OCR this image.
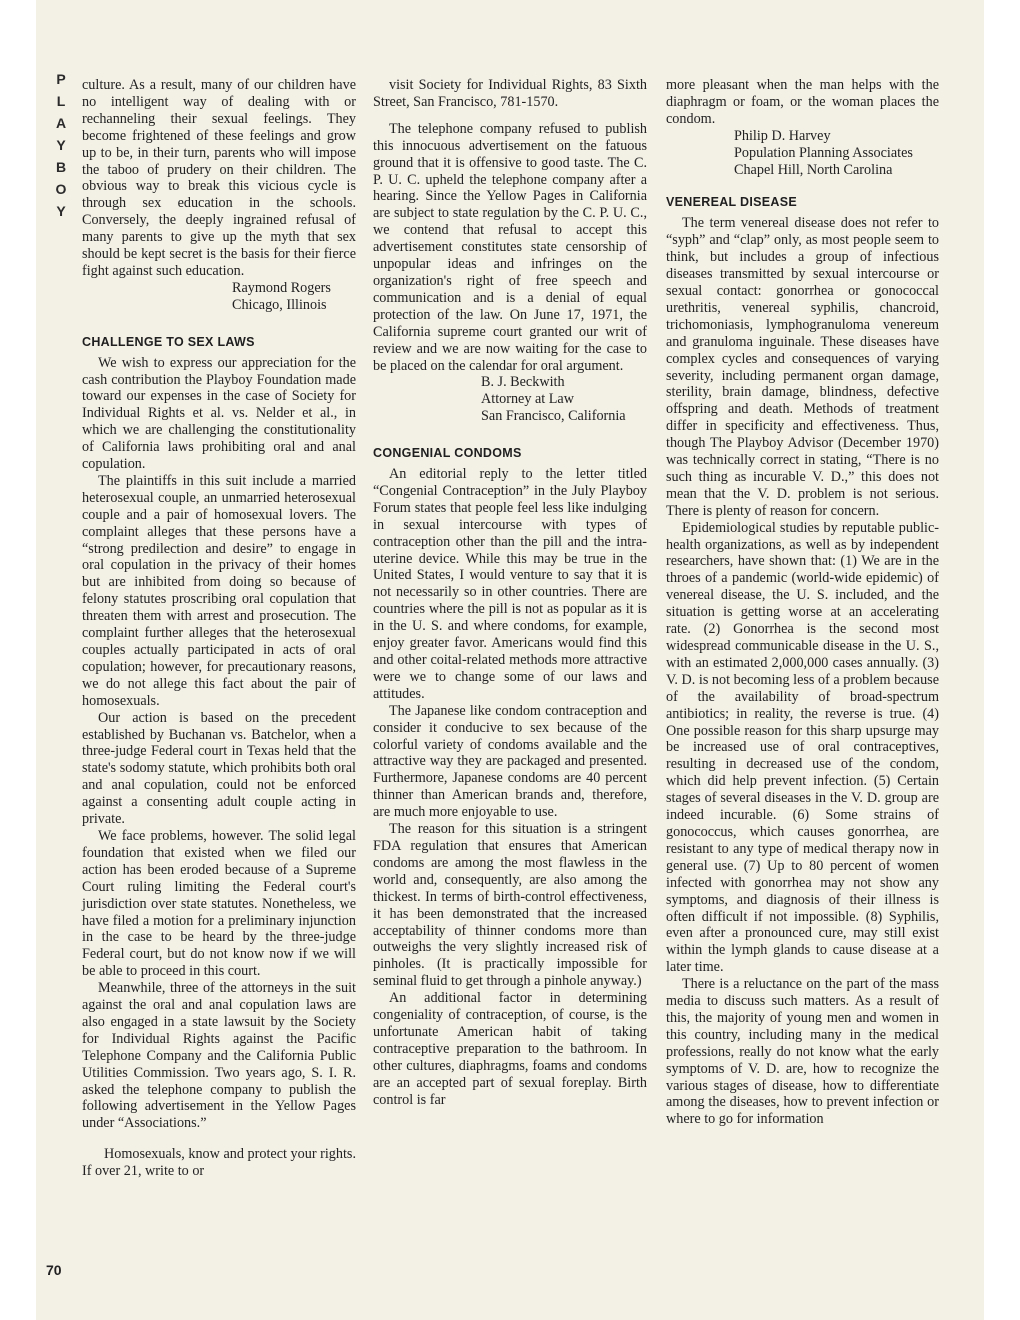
P
L
A
Y
B
O
Y
70

culture. As a result, many of our children have no intelligent way of dealing with or rechanneling their sexual feelings. They become frightened of these feelings and grow up to be, in their turn, parents who will impose the taboo of prudery on their children. The obvious way to break this vicious cycle is through sex education in the schools. Conversely, the deeply ingrained refusal of many parents to give up the myth that sex should be kept secret is the basis for their fierce fight against such education.

Raymond Rogers

Chicago, Illinois

CHALLENGE TO SEX LAWS

We wish to express our appreciation for the cash contribution the Playboy Foundation made toward our expenses in the case of Society for Individual Rights et al. vs. Nelder et al., in which we are challenging the constitutionality of California laws prohibiting oral and anal copulation.

The plaintiffs in this suit include a married heterosexual couple, an unmarried heterosexual couple and a pair of homosexual lovers. The complaint alleges that these persons have a “strong predilection and desire” to engage in oral copulation in the privacy of their homes but are inhibited from doing so because of felony statutes proscribing oral copulation that threaten them with arrest and prosecution. The complaint further alleges that the heterosexual couples actually participated in acts of oral copulation; however, for precautionary reasons, we do not allege this fact about the pair of homosexuals.

Our action is based on the precedent established by Buchanan vs. Batchelor, when a three-judge Federal court in Texas held that the state's sodomy statute, which prohibits both oral and anal copulation, could not be enforced against a consenting adult couple acting in private.

We face problems, however. The solid legal foundation that existed when we filed our action has been eroded because of a Supreme Court ruling limiting the Federal court's jurisdiction over state statutes. Nonetheless, we have filed a motion for a preliminary injunction in the case to be heard by the three-judge Federal court, but do not know now if we will be able to proceed in this court.

Meanwhile, three of the attorneys in the suit against the oral and anal copulation laws are also engaged in a state lawsuit by the Society for Individual Rights against the Pacific Telephone Company and the California Public Utilities Commission. Two years ago, S. I. R. asked the telephone company to publish the following advertisement in the Yellow Pages under “Associations.”

Homosexuals, know and protect your rights. If over 21, write to or

visit Society for Individual Rights, 83 Sixth Street, San Francisco, 781-1570.

The telephone company refused to publish this innocuous advertisement on the fatuous ground that it is offensive to good taste. The C. P. U. C. upheld the telephone company after a hearing. Since the Yellow Pages in California are subject to state regulation by the C. P. U. C., we contend that refusal to accept this advertisement constitutes state censorship of unpopular ideas and infringes on the organization's right of free speech and communication and is a denial of equal protection of the law. On June 17, 1971, the California supreme court granted our writ of review and we are now waiting for the case to be placed on the calendar for oral argument.

B. J. Beckwith

Attorney at Law

San Francisco, California

CONGENIAL CONDOMS

An editorial reply to the letter titled “Congenial Contraception” in the July Playboy Forum states that people feel less like indulging in sexual intercourse with types of contraception other than the pill and the intra-uterine device. While this may be true in the United States, I would venture to say that it is not necessarily so in other countries. There are countries where the pill is not as popular as it is in the U. S. and where condoms, for example, enjoy greater favor. Americans would find this and other coital-related methods more attractive were we to change some of our laws and attitudes.

The Japanese like condom contraception and consider it conducive to sex because of the colorful variety of condoms available and the attractive way they are packaged and presented. Furthermore, Japanese condoms are 40 percent thinner than American brands and, therefore, are much more enjoyable to use.

The reason for this situation is a stringent FDA regulation that ensures that American condoms are among the most flawless in the world and, consequently, are also among the thickest. In terms of birth-control effectiveness, it has been demonstrated that the increased acceptability of thinner condoms more than outweighs the very slightly increased risk of pinholes. (It is practically impossible for seminal fluid to get through a pinhole anyway.)

An additional factor in determining congeniality of contraception, of course, is the unfortunate American habit of taking contraceptive preparation to the bathroom. In other cultures, diaphragms, foams and condoms are an accepted part of sexual foreplay. Birth control is far

more pleasant when the man helps with the diaphragm or foam, or the woman places the condom.

Philip D. Harvey

Population Planning Associates

Chapel Hill, North Carolina

VENEREAL DISEASE

The term venereal disease does not refer to “syph” and “clap” only, as most people seem to think, but includes a group of infectious diseases transmitted by sexual intercourse or sexual contact: gonorrhea or gonococcal urethritis, venereal syphilis, chancroid, trichomoniasis, lymphogranuloma venereum and granuloma inguinale. These diseases have complex cycles and consequences of varying severity, including permanent organ damage, sterility, brain damage, blindness, defective offspring and death. Methods of treatment differ in specificity and effectiveness. Thus, though The Playboy Advisor (December 1970) was technically correct in stating, “There is no such thing as incurable V. D.,” this does not mean that the V. D. problem is not serious. There is plenty of reason for concern.

Epidemiological studies by reputable public-health organizations, as well as by independent researchers, have shown that: (1) We are in the throes of a pandemic (world-wide epidemic) of venereal disease, the U. S. included, and the situation is getting worse at an accelerating rate. (2) Gonorrhea is the second most widespread communicable disease in the U. S., with an estimated 2,000,000 cases annually. (3) V. D. is not becoming less of a problem because of the availability of broad-spectrum antibiotics; in reality, the reverse is true. (4) One possible reason for this sharp upsurge may be increased use of oral contraceptives, resulting in decreased use of the condom, which did help prevent infection. (5) Certain stages of several diseases in the V. D. group are indeed incurable. (6) Some strains of gonococcus, which causes gonorrhea, are resistant to any type of medical therapy now in general use. (7) Up to 80 percent of women infected with gonorrhea may not show any symptoms, and diagnosis of their illness is often difficult if not impossible. (8) Syphilis, even after a pronounced cure, may still exist within the lymph glands to cause disease at a later time.

There is a reluctance on the part of the mass media to discuss such matters. As a result of this, the majority of young men and women in this country, including many in the medical professions, really do not know what the early symptoms of V. D. are, how to recognize the various stages of disease, how to differentiate among the diseases, how to prevent infection or where to go for information
